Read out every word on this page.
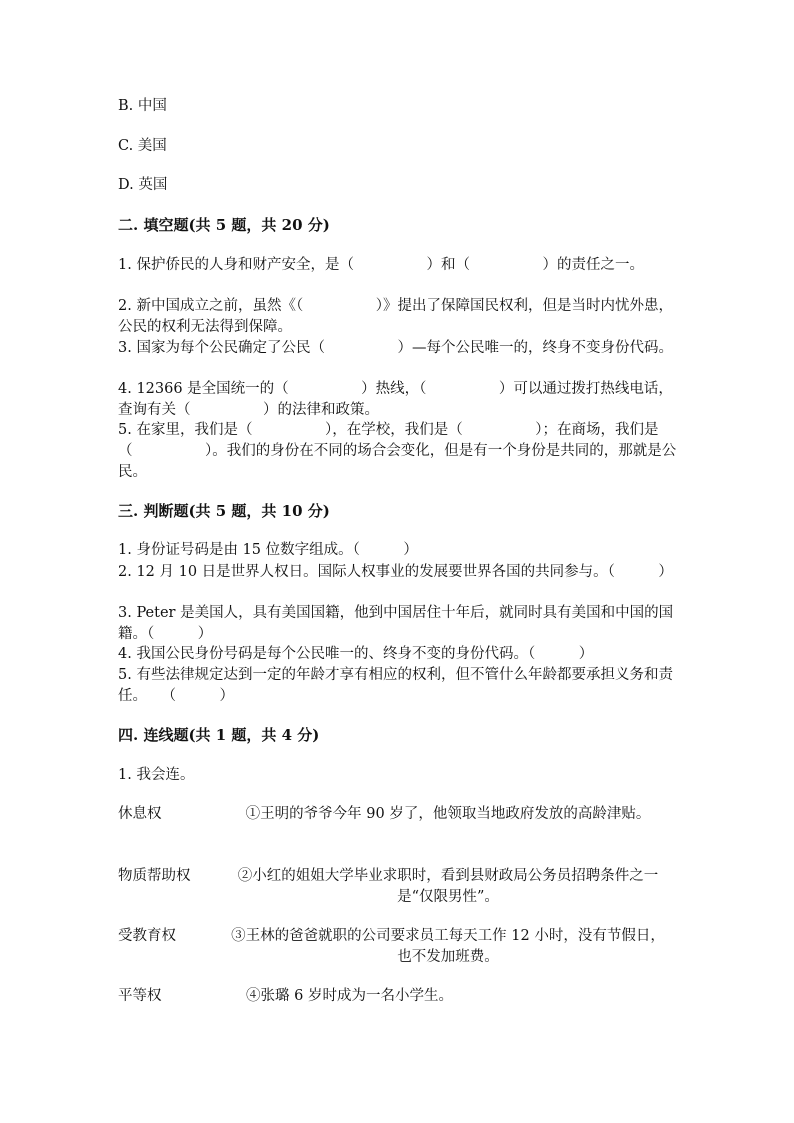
B. 中国
C. 美国
D. 英国
二. 填空题(共 5 题，共 20 分)
1. 保护侨民的人身和财产安全，是（　　　　　）和（　　　　　）的责任之一。
2. 新中国成立之前，虽然《（　　　　　）》提出了保障国民权利，但是当时内忧外患，公民的权利无法得到保障。
3. 国家为每个公民确定了公民（　　　　　）—每个公民唯一的，终身不变身份代码。
4. 12366 是全国统一的（　　　　　）热线，（　　　　　）可以通过拨打热线电话，查询有关（　　　　　）的法律和政策。
5. 在家里，我们是（　　　　　），在学校，我们是（　　　　　）；在商场，我们是（　　　　　）。我们的身份在不同的场合会变化，但是有一个身份是共同的，那就是公民。
三. 判断题(共 5 题，共 10 分)
1. 身份证号码是由 15 位数字组成。（　　　）
2. 12 月 10 日是世界人权日。国际人权事业的发展要世界各国的共同参与。（　　　）
3. Peter 是美国人，具有美国国籍，他到中国居住十年后，就同时具有美国和中国的国籍。（　　　）
4. 我国公民身份号码是每个公民唯一的、终身不变的身份代码。（　　　）
5. 有些法律规定达到一定的年龄才享有相应的权利，但不管什么年龄都要承担义务和责任。　　（　　　）
四. 连线题(共 1 题，共 4 分)
1. 我会连。
休息权	①王明的爷爷今年 90 岁了，他领取当地政府发放的高龄津贴。
物质帮助权	②小红的姐姐大学毕业求职时，看到县财政局公务员招聘条件之一是“仅限男性”。
受教育权	③王林的爸爸就职的公司要求员工每天工作 12 小时，没有节假日，也不发加班费。
平等权	④张璐 6 岁时成为一名小学生。
